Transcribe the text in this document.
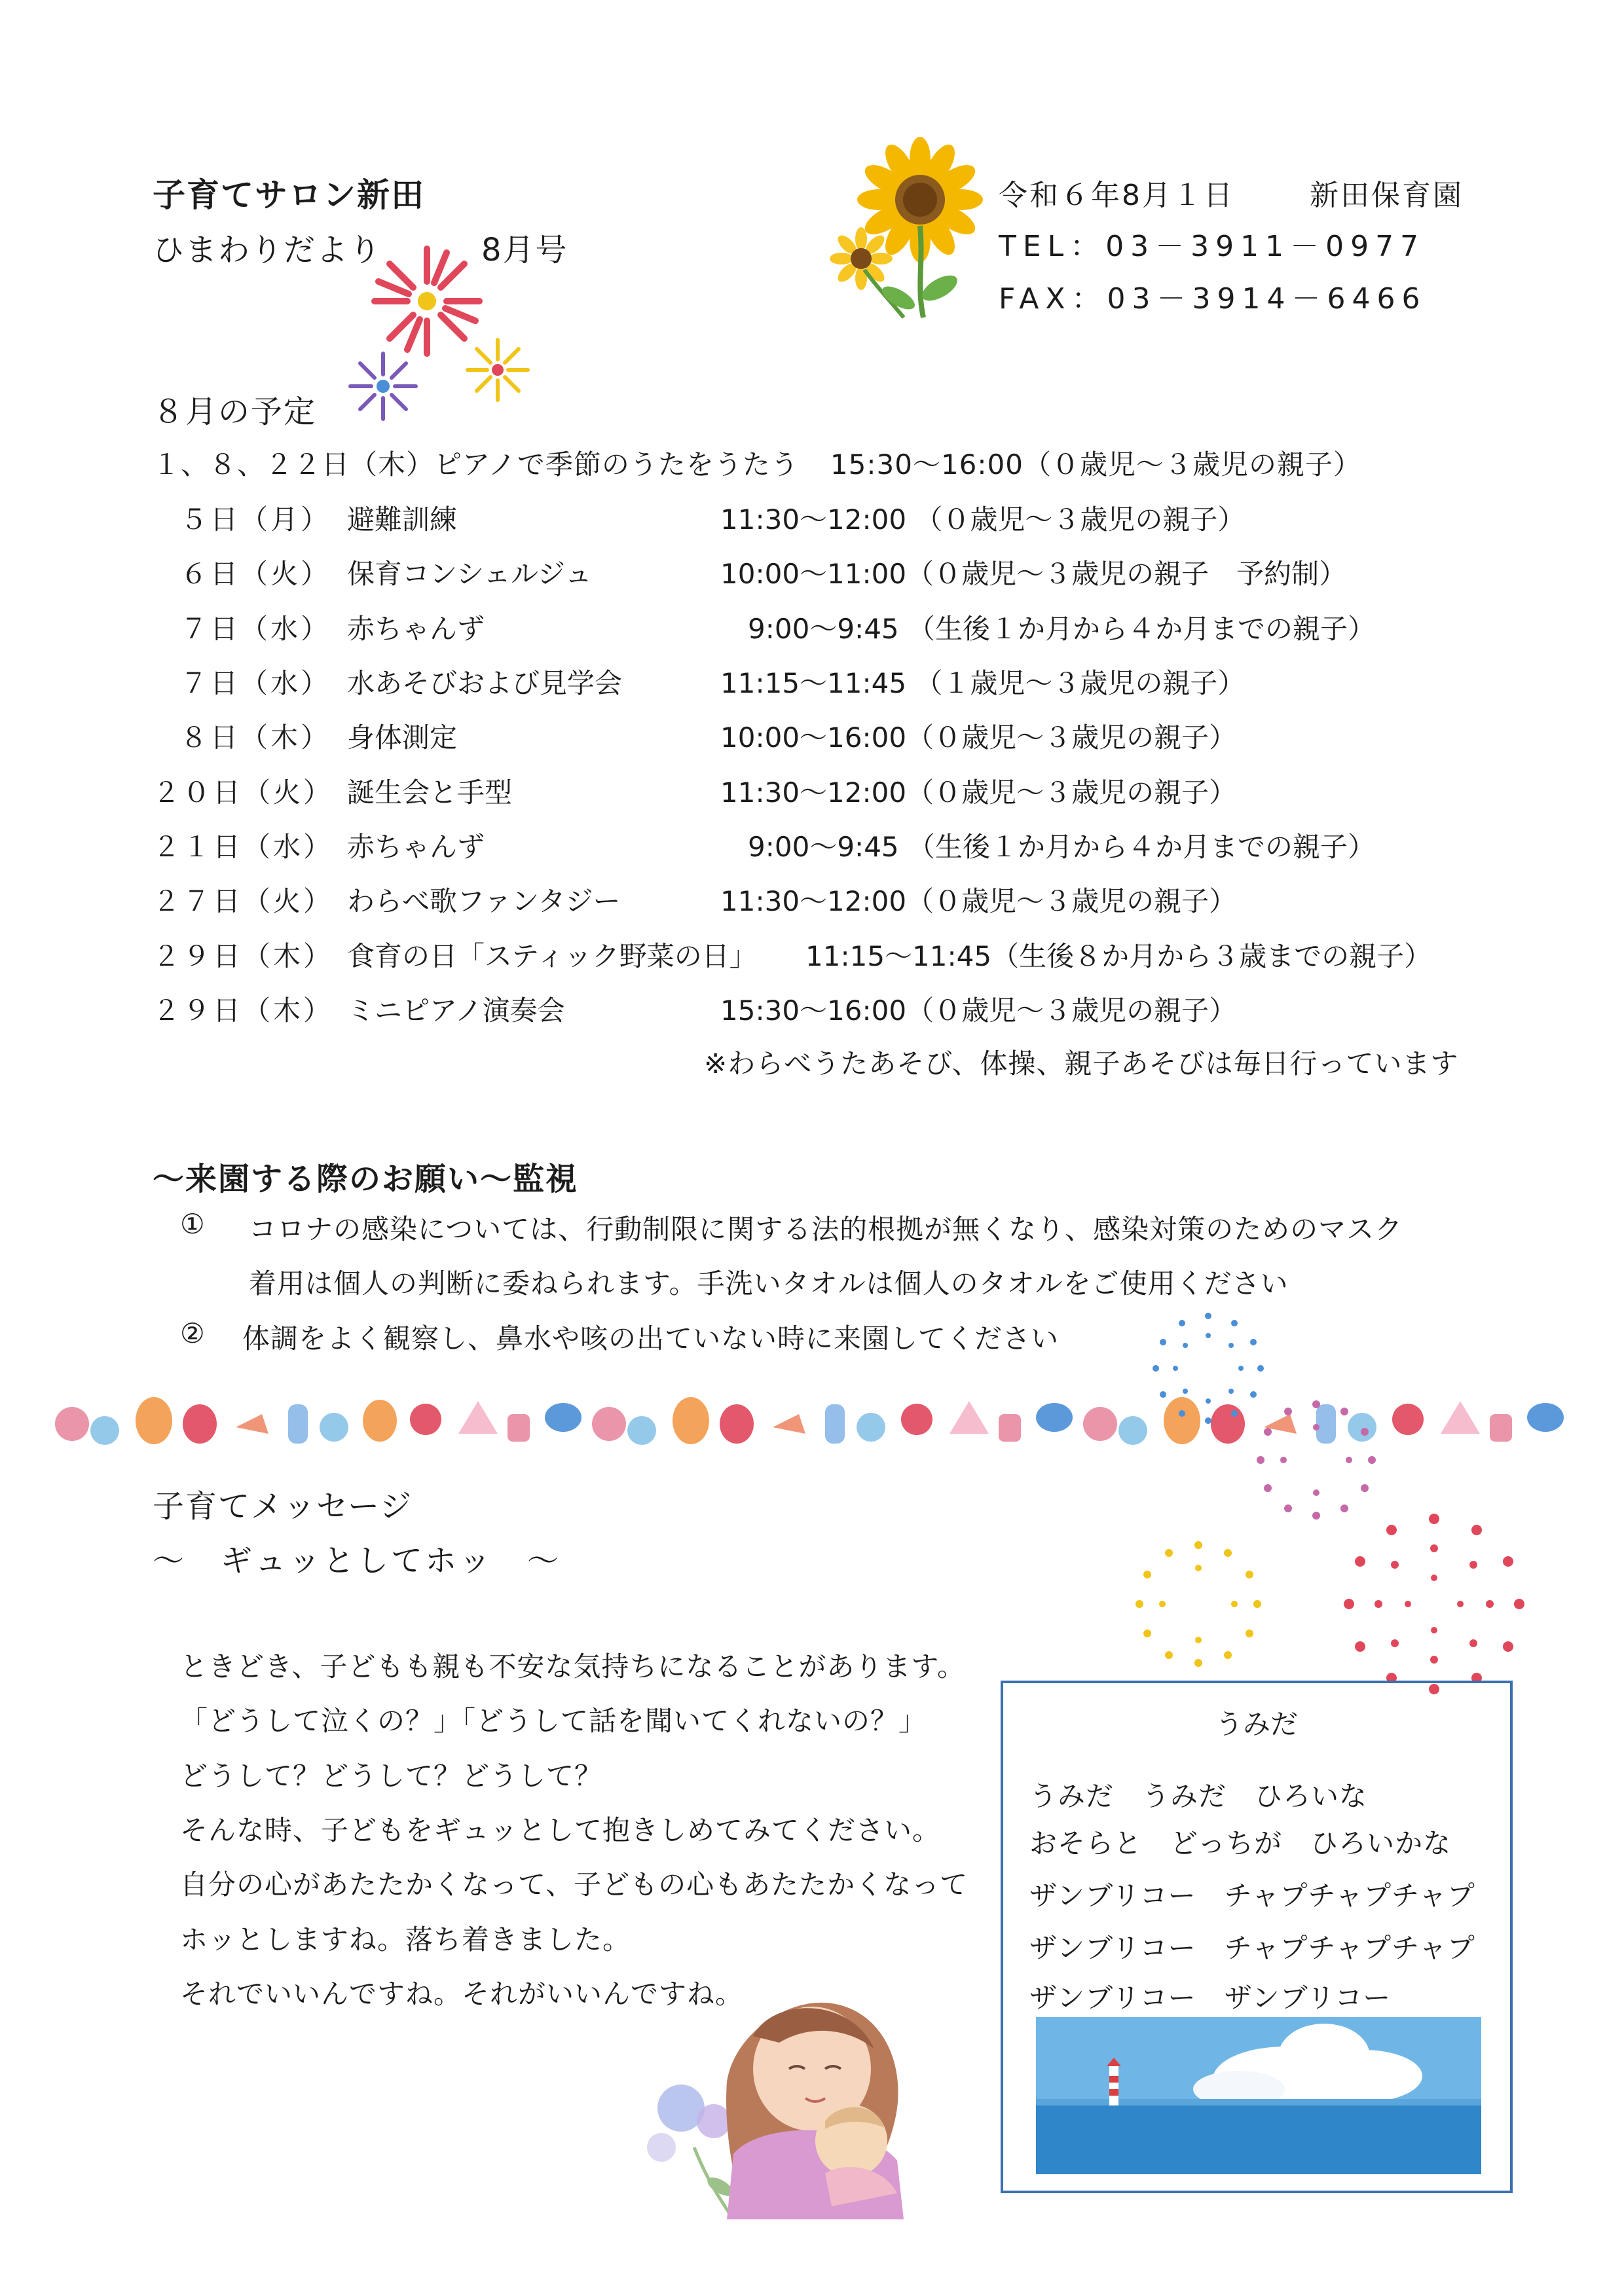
子育てサロン新田
ひまわりだより	8月号
令和６年8月１日	新田保育園
TEL：03－3911－0977
FAX：03－3914－6466
８月の予定
１、８、２２日（木）ピアノで季節のうたをうたう 15:30～16:00（０歳児～３歳児の親子）
５日（月） 避難訓練	11:30～12:00 （０歳児～３歳児の親子）
６日（火） 保育コンシェルジュ	10:00～11:00（０歳児～３歳児の親子　予約制）
７日（水） 赤ちゃんず	　9:00～9:45 （生後１か月から４か月までの親子）
７日（水） 水あそびおよび見学会	11:15～11:45 （１歳児～３歳児の親子）
８日（木） 身体測定	10:00～16:00（０歳児～３歳児の親子）
２０日（火） 誕生会と手型	11:30～12:00（０歳児～３歳児の親子）
２１日（水） 赤ちゃんず	　9:00～9:45 （生後１か月から４か月までの親子）
２７日（火） わらべ歌ファンタジー	11:30～12:00（０歳児～３歳児の親子）
２９日（木） 食育の日「スティック野菜の日」 11:15～11:45（生後８か月から３歳までの親子）
２９日（木） ミニピアノ演奏会	15:30～16:00（０歳児～３歳児の親子）
※わらべうたあそび、体操、親子あそびは毎日行っています
～来園する際のお願い～監視
① コロナの感染については、行動制限に関する法的根拠が無くなり、感染対策のためのマスク
着用は個人の判断に委ねられます。手洗いタオルは個人のタオルをご使用ください
② 体調をよく観察し、鼻水や咳の出ていない時に来園してください
子育てメッセージ
～　ギュッとしてホッ　～
ときどき、子どもも親も不安な気持ちになることがあります。
「どうして泣くの？」「どうして話を聞いてくれないの？」
どうして？どうして？どうして？
そんな時、子どもをギュッとして抱きしめてみてください。
自分の心があたたかくなって、子どもの心もあたたかくなって
ホッとしますね。落ち着きました。
それでいいんですね。それがいいんですね。
うみだ
うみだ　うみだ　ひろいな
おそらと　どっちが　ひろいかな
ザンブリコー　チャプチャプチャプ
ザンブリコー　チャプチャプチャプ
ザンブリコー　ザンブリコー
